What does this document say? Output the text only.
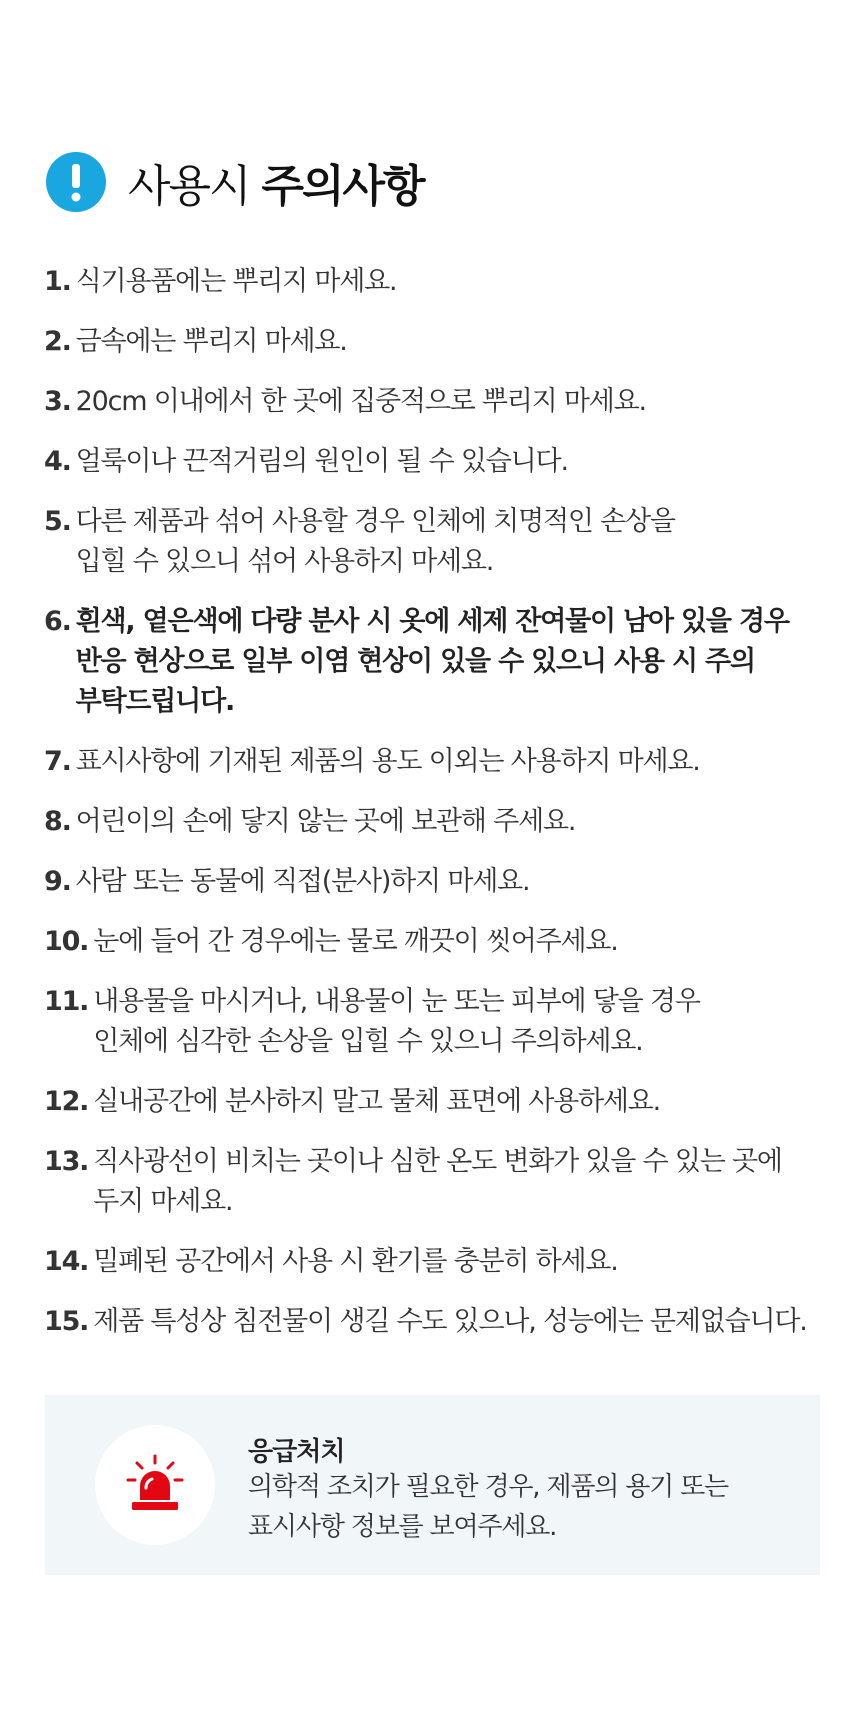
사용시 주의사항
1. 식기용품에는 뿌리지 마세요.
2. 금속에는 뿌리지 마세요.
3. 20cm 이내에서 한 곳에 집중적으로 뿌리지 마세요.
4. 얼룩이나 끈적거림의 원인이 될 수 있습니다.
5. 다른 제품과 섞어 사용할 경우 인체에 치명적인 손상을
입힐 수 있으니 섞어 사용하지 마세요.
6. 흰색, 옅은색에 다량 분사 시 옷에 세제 잔여물이 남아 있을 경우
반응 현상으로 일부 이염 현상이 있을 수 있으니 사용 시 주의
부탁드립니다.
7. 표시사항에 기재된 제품의 용도 이외는 사용하지 마세요.
8. 어린이의 손에 닿지 않는 곳에 보관해 주세요.
9. 사람 또는 동물에 직접(분사)하지 마세요.
10. 눈에 들어 간 경우에는 물로 깨끗이 씻어주세요.
11. 내용물을 마시거나, 내용물이 눈 또는 피부에 닿을 경우
인체에 심각한 손상을 입힐 수 있으니 주의하세요.
12. 실내공간에 분사하지 말고 물체 표면에 사용하세요.
13. 직사광선이 비치는 곳이나 심한 온도 변화가 있을 수 있는 곳에
두지 마세요.
14. 밀폐된 공간에서 사용 시 환기를 충분히 하세요.
15. 제품 특성상 침전물이 생길 수도 있으나, 성능에는 문제없습니다.
응급처치
의학적 조치가 필요한 경우, 제품의 용기 또는
표시사항 정보를 보여주세요.
